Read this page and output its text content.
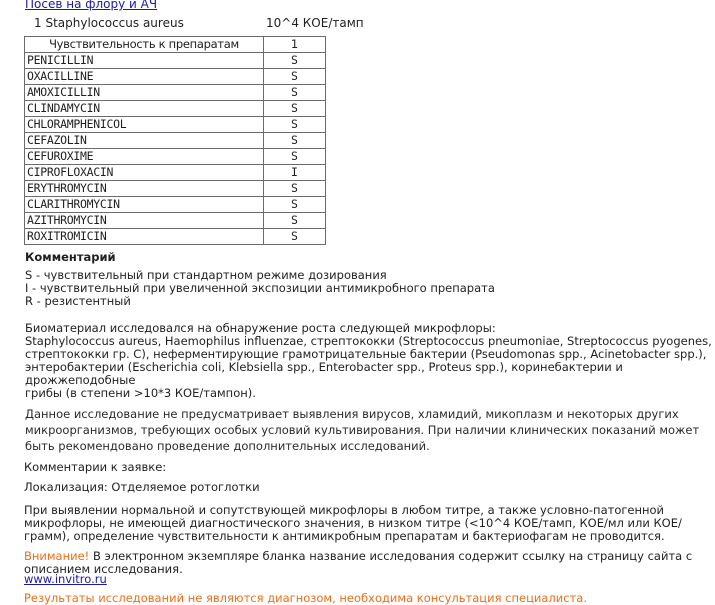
Посев на флору и АЧ
1 Staphylococcus aureus	10^4 КОЕ/тамп
Чувствительность к препаратам	1
PENICILLIN	S
OXACILLINE	S
AMOXICILLIN	S
CLINDAMYCIN	S
CHLORAMPHENICOL	S
CEFAZOLIN	S
CEFUROXIME	S
CIPROFLOXACIN	I
ERYTHROMYCIN	S
CLARITHROMYCIN	S
AZITHROMYCIN	S
ROXITROMICIN	S
Комментарий
S - чувствительный при стандартном режиме дозирования
I - чувствительный при увеличенной экспозиции антимикробного препарата
R - резистентный
Биоматериал исследовался на обнаружение роста следующей микрофлоры:
Staphylococcus aureus, Haemophilus influenzae, стрептококки (Streptococcus pneumoniae, Streptococcus pyogenes,
стрептококки гр. C), неферментирующие грамотрицательные бактерии (Pseudomonas spp., Acinetobacter spp.),
энтеробактерии (Escherichia coli, Klebsiella spp., Enterobacter spp., Proteus spp.), коринебактерии и дрожжеподобные
грибы (в степени >10*3 КОЕ/тампон).
Данное исследование не предусматривает выявления вирусов, хламидий, микоплазм и некоторых других микроорганизмов, требующих особых условий культивирования. При наличии клинических показаний может быть рекомендовано проведение дополнительных исследований.
Комментарии к заявке:
Локализация: Отделяемое ротоглотки
При выявлении нормальной и сопутствующей микрофлоры в любом титре, а также условно-патогенной микрофлоры, не имеющей диагностического значения, в низком титре (<10^4 КОЕ/тамп, КОЕ/мл или КОЕ/грамм), определение чувствительности к антимикробным препаратам и бактериофагам не проводится.
Внимание! В электронном экземпляре бланка название исследования содержит ссылку на страницу сайта с описанием исследования.
www.invitro.ru
Результаты исследований не являются диагнозом, необходима консультация специалиста.
